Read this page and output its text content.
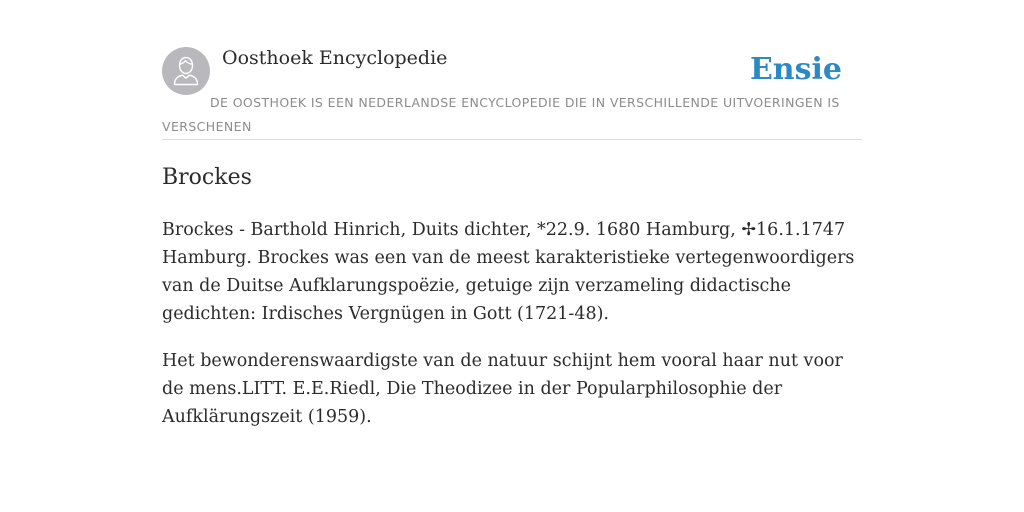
Oosthoek Encyclopedie	Ensie
DE OOSTHOEK IS EEN NEDERLANDSE ENCYCLOPEDIE DIE IN VERSCHILLENDE UITVOERINGEN IS VERSCHENEN
Brockes

Brockes - Barthold Hinrich, Duits dichter, *22.9. 1680 Hamburg, ✢16.1.1747 Hamburg. Brockes was een van de meest karakteristieke vertegenwoordigers van de Duitse Aufklarungspoëzie, getuige zijn verzameling didactische gedichten: Irdisches Vergnügen in Gott (1721-48).

Het bewonderenswaardigste van de natuur schijnt hem vooral haar nut voor de mens.LITT. E.E.Riedl, Die Theodizee in der Popularphilosophie der Aufklärungszeit (1959).
